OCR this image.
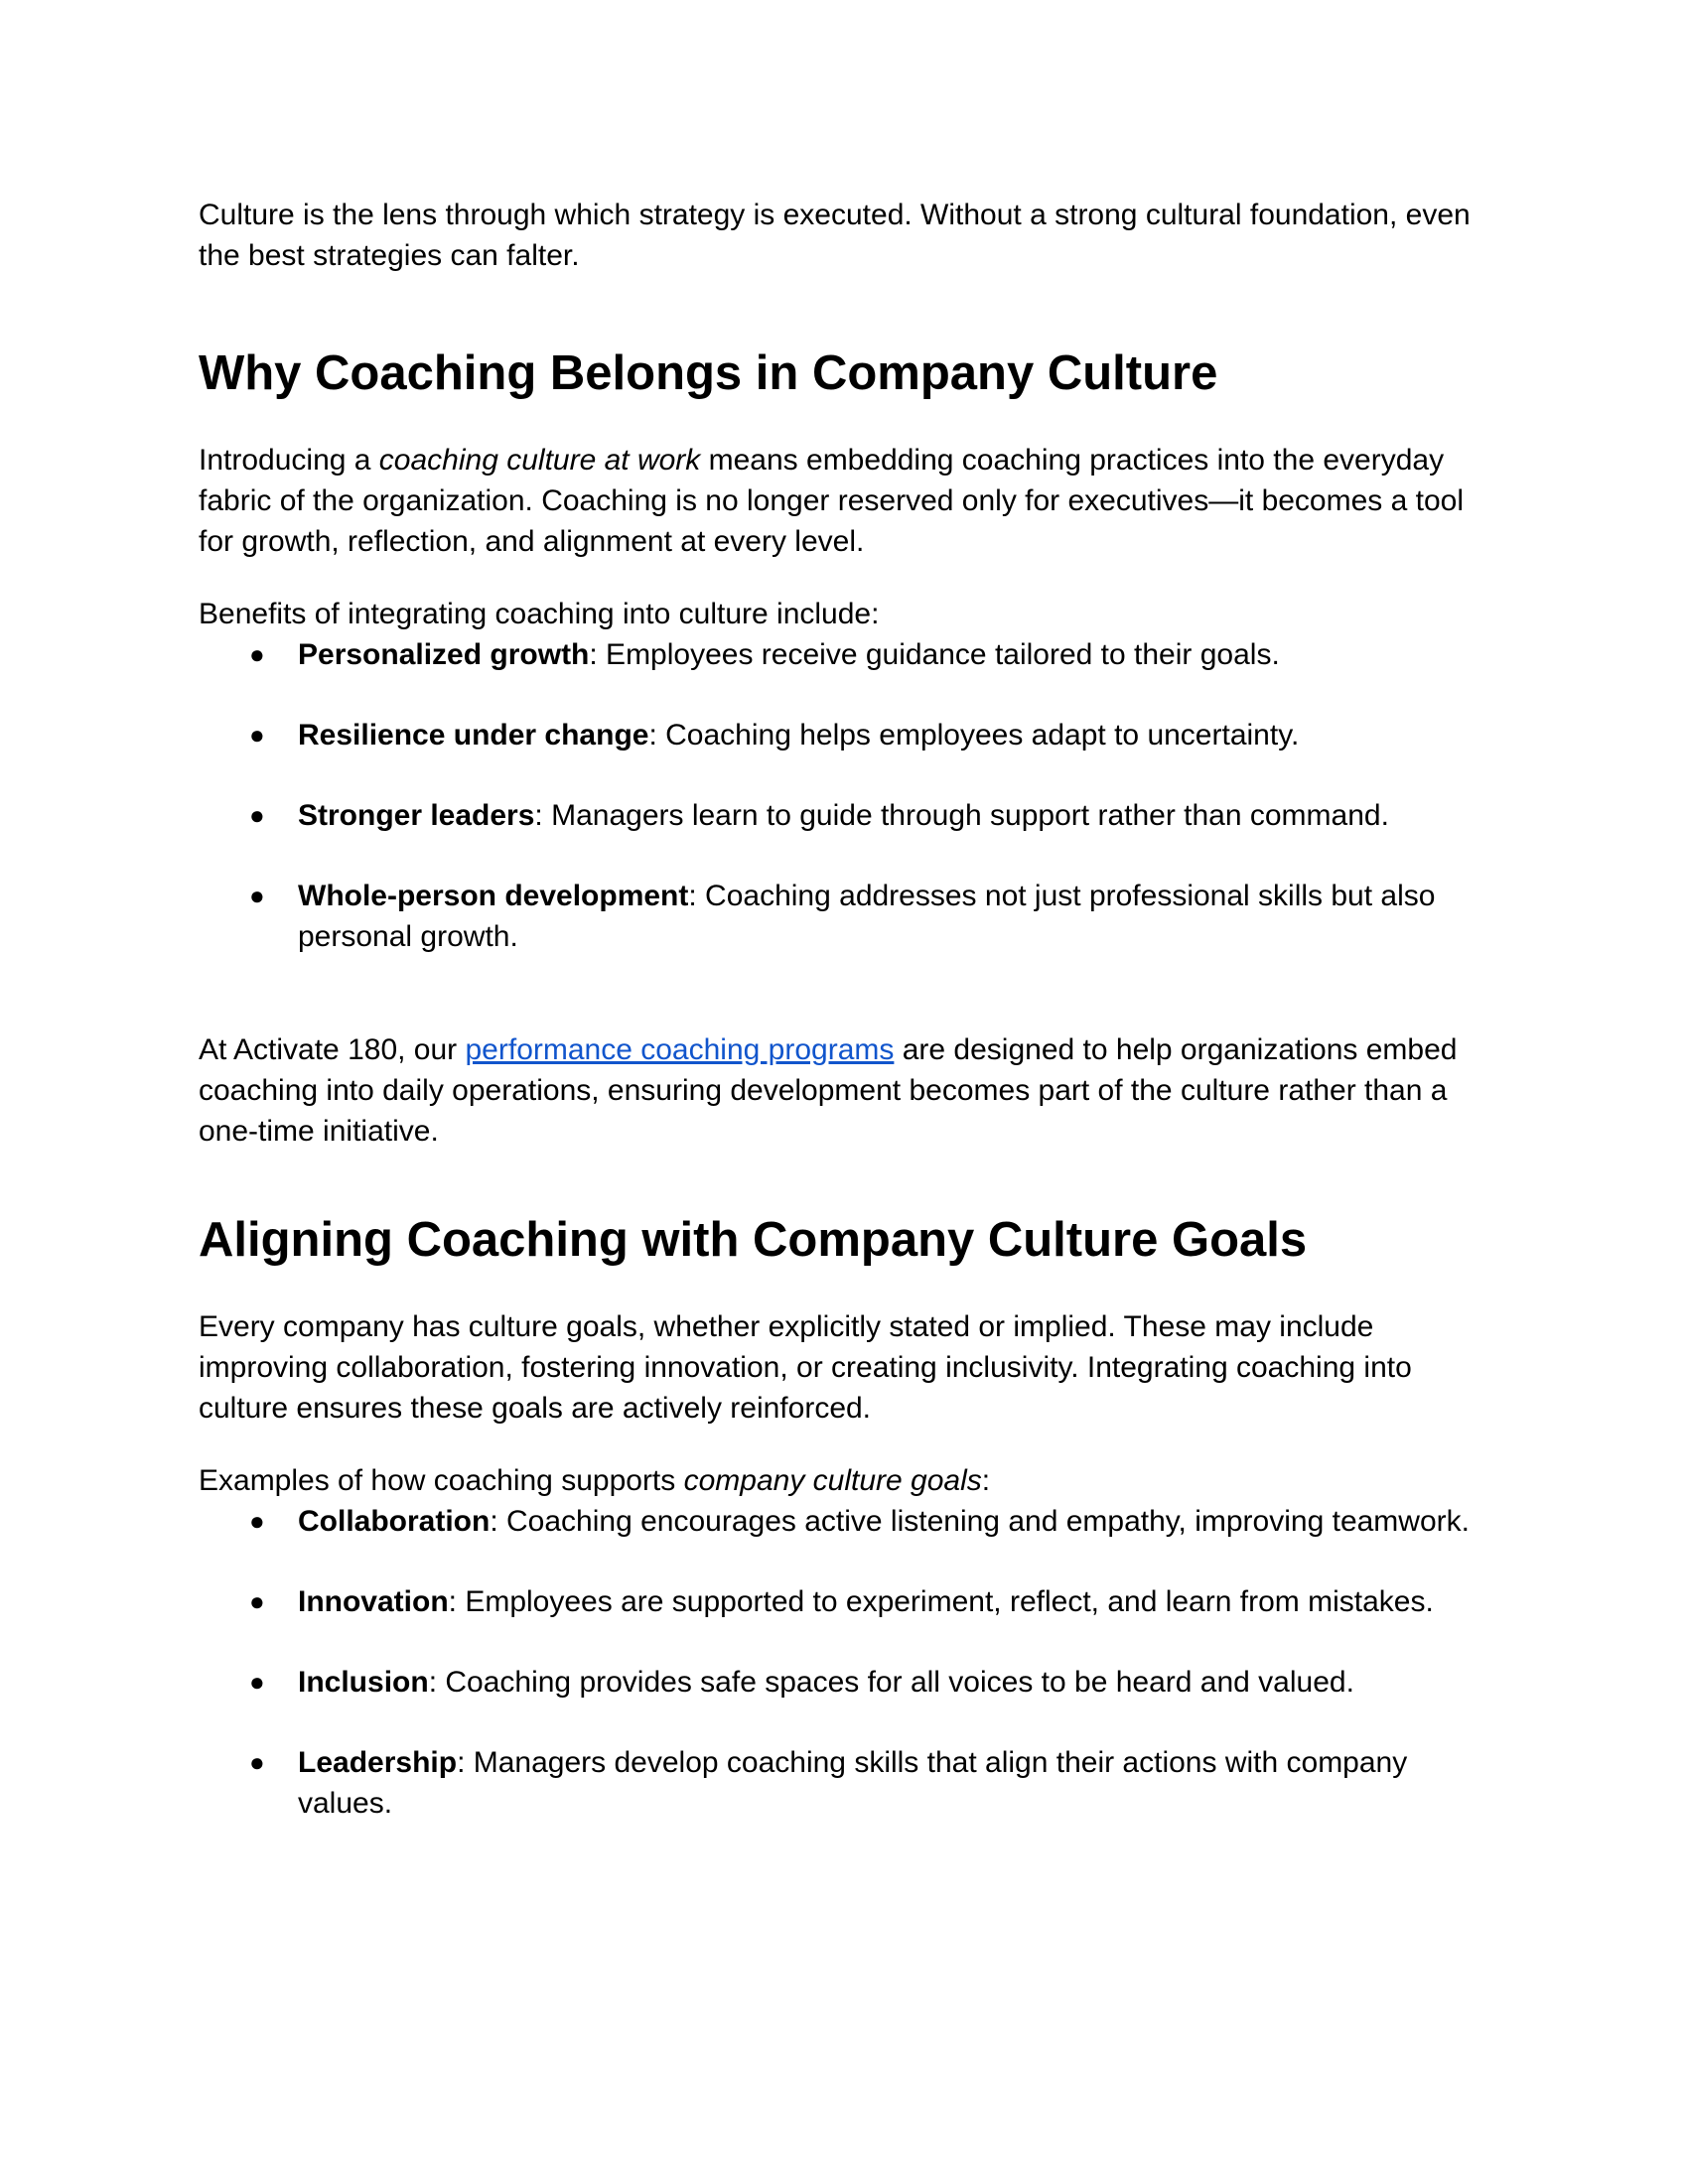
Culture is the lens through which strategy is executed. Without a strong cultural foundation, even the best strategies can falter.

Why Coaching Belongs in Company Culture

Introducing a coaching culture at work means embedding coaching practices into the everyday fabric of the organization. Coaching is no longer reserved only for executives—it becomes a tool for growth, reflection, and alignment at every level.

Benefits of integrating coaching into culture include:

● Personalized growth: Employees receive guidance tailored to their goals.
● Resilience under change: Coaching helps employees adapt to uncertainty.
● Stronger leaders: Managers learn to guide through support rather than command.
● Whole-person development: Coaching addresses not just professional skills but also personal growth.

At Activate 180, our performance coaching programs are designed to help organizations embed coaching into daily operations, ensuring development becomes part of the culture rather than a one-time initiative.

Aligning Coaching with Company Culture Goals

Every company has culture goals, whether explicitly stated or implied. These may include improving collaboration, fostering innovation, or creating inclusivity. Integrating coaching into culture ensures these goals are actively reinforced.

Examples of how coaching supports company culture goals:

● Collaboration: Coaching encourages active listening and empathy, improving teamwork.
● Innovation: Employees are supported to experiment, reflect, and learn from mistakes.
● Inclusion: Coaching provides safe spaces for all voices to be heard and valued.
● Leadership: Managers develop coaching skills that align their actions with company values.
